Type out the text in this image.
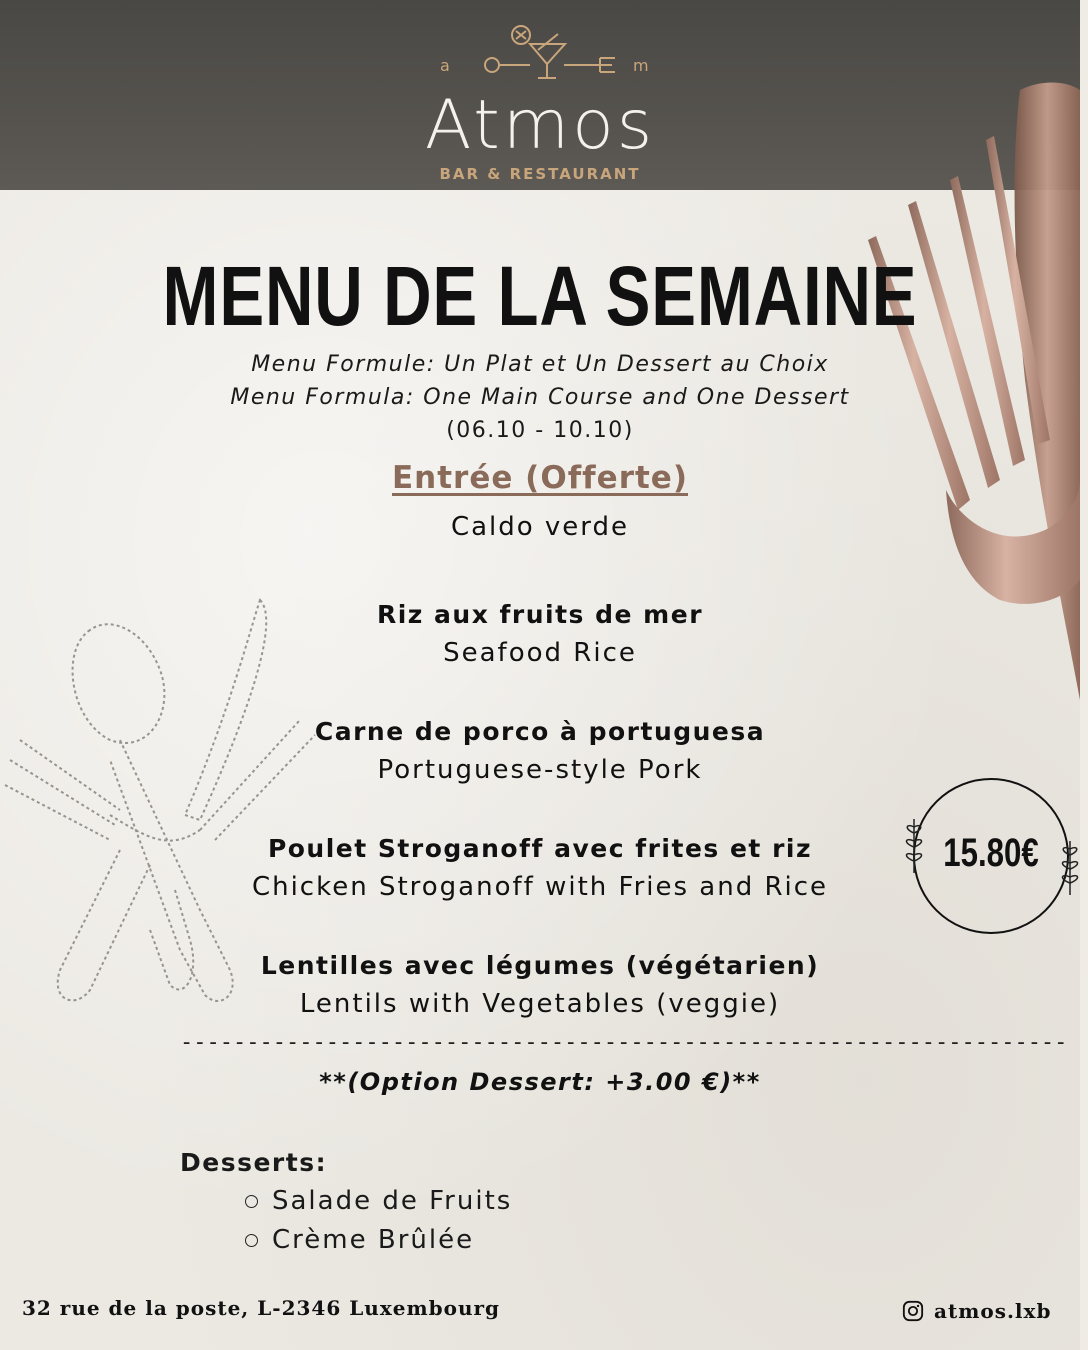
a	m
Atmos
BAR & RESTAURANT
MENU DE LA SEMAINE
Menu Formule: Un Plat et Un Dessert au Choix
Menu Formula: One Main Course and One Dessert
(06.10 - 10.10)
Entrée (Offerte)
Caldo verde
Riz aux fruits de mer
Seafood Rice
Carne de porco à portuguesa
Portuguese-style Pork
Poulet Stroganoff avec frites et riz
Chicken Stroganoff with Fries and Rice
Lentilles avec légumes (végétarien)
Lentils with Vegetables (veggie)
-------------------------------------------------------------------
**(Option Dessert: +3.00 €)**
Desserts:
Salade de Fruits
Crème Brûlée
15.80€
32 rue de la poste, L-2346 Luxembourg	atmos.lxb
